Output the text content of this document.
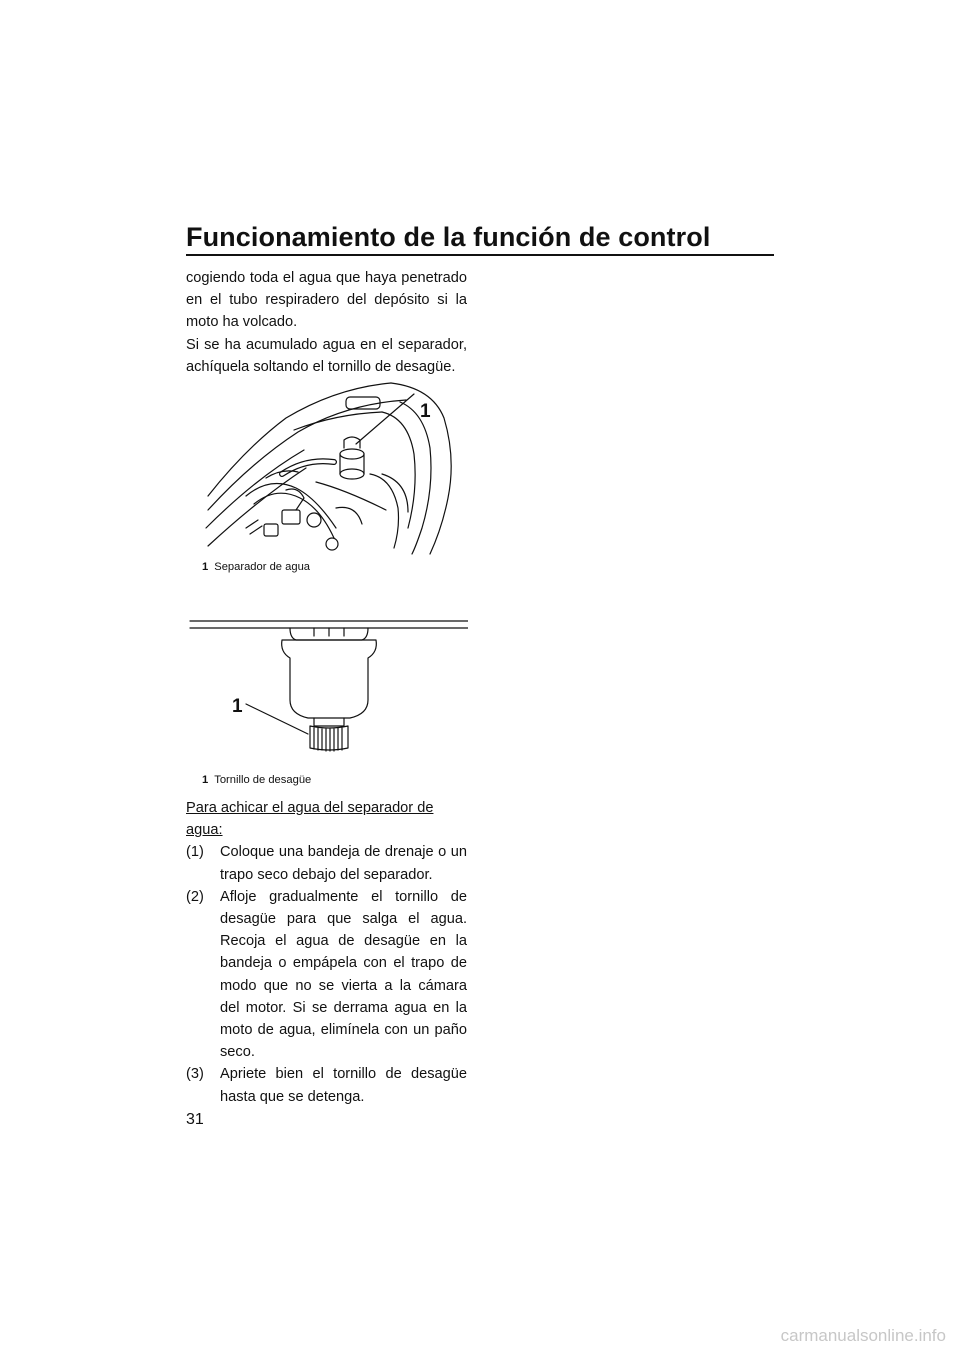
Funcionamiento de la función de control

cogiendo toda el agua que haya penetrado en el tubo respiradero del depósito si la moto ha volcado.

Si se ha acumulado agua en el separador, achíquela soltando el tornillo de desagüe.

1
1 Separador de agua
1
1 Tornillo de desagüe

Para achicar el agua del separador de agua:

(1) Coloque una bandeja de drenaje o un trapo seco debajo del separador.
(2) Afloje gradualmente el tornillo de desagüe para que salga el agua. Recoja el agua de desagüe en la bandeja o empápela con el trapo de modo que no se vierta a la cámara del motor. Si se derrama agua en la moto de agua, elimínela con un paño seco.
(3) Apriete bien el tornillo de desagüe hasta que se detenga.
31
carmanualsonline.info
